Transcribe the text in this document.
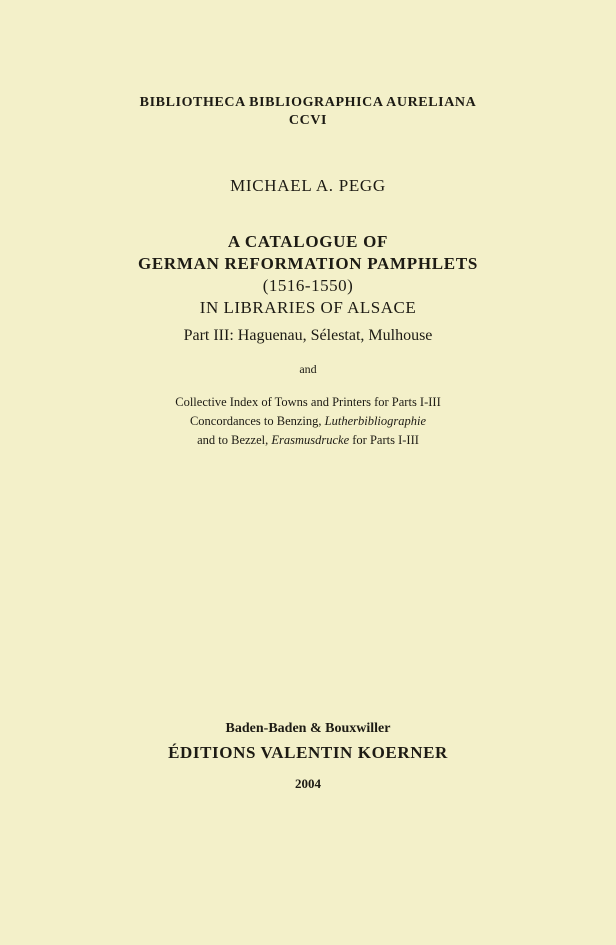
BIBLIOTHECA BIBLIOGRAPHICA AURELIANA
CCVI
MICHAEL A. PEGG
A CATALOGUE OF
GERMAN REFORMATION PAMPHLETS
(1516-1550)
IN LIBRARIES OF ALSACE
Part III: Haguenau, Sélestat, Mulhouse
and
Collective Index of Towns and Printers for Parts I-III
Concordances to Benzing, Lutherbibliographie
and to Bezzel, Erasmusdrucke for Parts I-III
Baden-Baden & Bouxwiller
ÉDITIONS VALENTIN KOERNER
2004
